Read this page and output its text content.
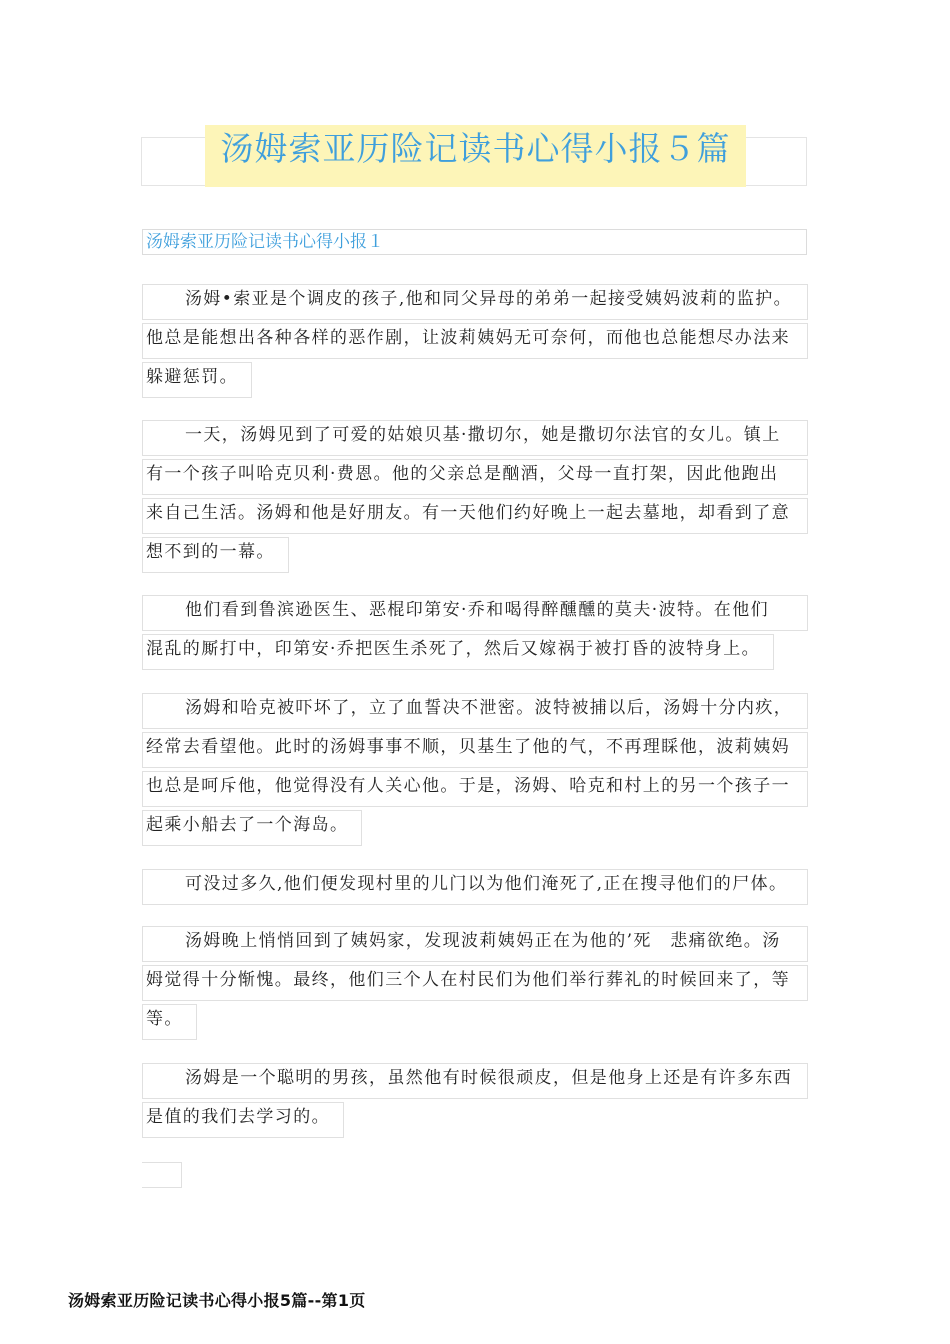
汤姆索亚历险记读书心得小报５篇
汤姆索亚历险记读书心得小报１
汤姆•索亚是个调皮的孩子,他和同父异母的弟弟一起接受姨妈波莉的监护。
他总是能想出各种各样的恶作剧，让波莉姨妈无可奈何，而他也总能想尽办法来
躲避惩罚。
一天，汤姆见到了可爱的姑娘贝基·撒切尔，她是撒切尔法官的女儿。镇上
有一个孩子叫哈克贝利·费恩。他的父亲总是酗酒，父母一直打架，因此他跑出
来自己生活。汤姆和他是好朋友。有一天他们约好晚上一起去墓地，却看到了意
想不到的一幕。
他们看到鲁滨逊医生、恶棍印第安·乔和喝得醉醺醺的莫夫·波特。在他们
混乱的厮打中，印第安·乔把医生杀死了，然后又嫁祸于被打昏的波特身上。
汤姆和哈克被吓坏了，立了血誓决不泄密。波特被捕以后，汤姆十分内疚，
经常去看望他。此时的汤姆事事不顺，贝基生了他的气，不再理睬他，波莉姨妈
也总是呵斥他，他觉得没有人关心他。于是，汤姆、哈克和村上的另一个孩子一
起乘小船去了一个海岛。
可没过多久,他们便发现村里的儿门以为他们淹死了,正在搜寻他们的尸体。
汤姆晚上悄悄回到了姨妈家，发现波莉姨妈正在为他的’死　悲痛欲绝。汤
姆觉得十分惭愧。最终，他们三个人在村民们为他们举行葬礼的时候回来了，等
等。
汤姆是一个聪明的男孩，虽然他有时候很顽皮，但是他身上还是有许多东西
是值的我们去学习的。
汤姆索亚历险记读书心得小报5篇--第1页
